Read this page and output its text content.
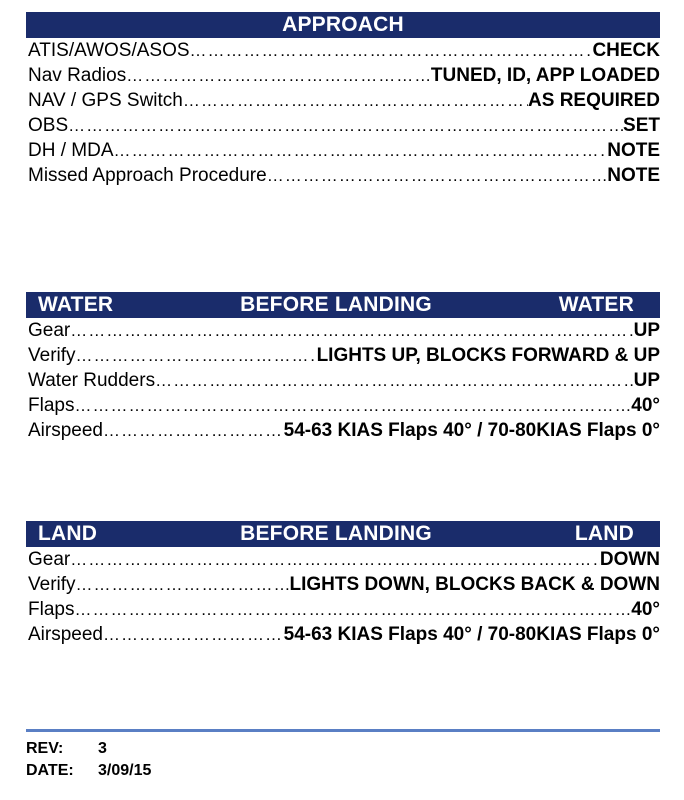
APPROACH
ATIS/AWOS/ASOS ………………………………………………………………………………………………………………………………………………………………………………	CHECK
Nav Radios ………………………………………………………………………………………………………………………………………………………………………………	TUNED, ID, APP LOADED
NAV / GPS Switch ………………………………………………………………………………………………………………………………………………………………………………	AS REQUIRED
OBS ………………………………………………………………………………………………………………………………………………………………………………	SET
DH / MDA ………………………………………………………………………………………………………………………………………………………………………………	NOTE
Missed Approach Procedure ………………………………………………………………………………………………………………………………………………………………………………	NOTE
WATER	BEFORE LANDING	WATER
Gear ………………………………………………………………………………………………………………………………………………………………………………	UP
Verify ………………………………………………………………………………………………………………………………………………………………………………	LIGHTS UP, BLOCKS FORWARD & UP
Water Rudders ………………………………………………………………………………………………………………………………………………………………………………	UP
Flaps ………………………………………………………………………………………………………………………………………………………………………………	40°
Airspeed ………………………………………………………………………………………………………………………………………………………………………………	54-63 KIAS Flaps 40° / 70-80KIAS Flaps 0°
LAND	BEFORE LANDING	LAND
Gear ………………………………………………………………………………………………………………………………………………………………………………	DOWN
Verify ………………………………………………………………………………………………………………………………………………………………………………	LIGHTS DOWN, BLOCKS BACK & DOWN
Flaps ………………………………………………………………………………………………………………………………………………………………………………	40°
Airspeed ………………………………………………………………………………………………………………………………………………………………………………	54-63 KIAS Flaps 40° / 70-80KIAS Flaps 0°
REV:	3
DATE:	3/09/15
